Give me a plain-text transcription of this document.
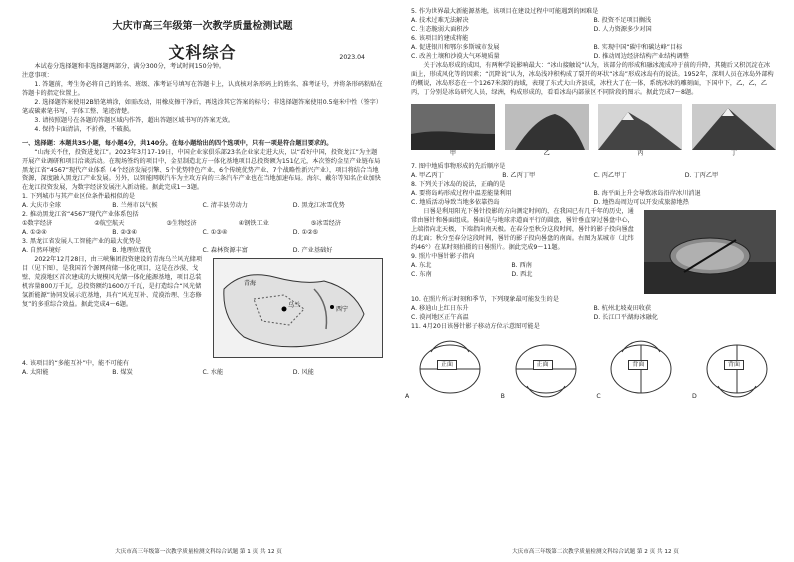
大庆市高三年级第一次教学质量检测试题
文科综合	2023.04

本试卷分选择题和非选择题两部分，满分300分，考试时间150分钟。

注意事项：

1. 答题前，考生务必将自己的姓名、班级、准考证号填写在答题卡上，认真核对条形码上的姓名、准考证号，并将条形码粘贴在答题卡的指定位置上。

2. 选择题答案使用2B铅笔填涂，如需改动，用橡皮擦干净后，再选涂其它答案的标号；非选择题答案使用0.5毫米中性（签字）笔或碳素笔书写，字体工整、笔迹清楚。

3. 请按照题号在各题的答题区域内作答，超出答题区域书写的答案无效。

4. 保持卡面清洁，不折叠，不破损。

一、选择题：本题共35小题，每小题4分，共140分。在每小题给出的四个选项中，只有一项是符合题目要求的。

“山海关不住，投资进龙江”。2023年3月17-19日，中国企业家俱乐部23名企业家走进大庆，以“看好中国，投资龙江”为主题开展产业调研和项目洽谈活动。在现场签约的项目中，金星制造北方一体化基地项目总投资额为151亿元，本次签约金星产业链布局黑龙江省“4567”现代产业体系（4个经济发展引擎、5个优势特色产业、6个传统优势产业、7个战略性新兴产业），项目将结合当地资源，深度融入黑龙江产业发展。另外，以智能网联汽车为主攻方向的三条汽车产业也在当地加速布局。海尔、戴尔等知名企业加快在龙江投资发展，为数字经济发展注入新动能。据此完成1～3题。

1. 下列城市与其产业区位条件最相似的是

A. 大庆市全球	B. 兰州市以气候	C. 清丰县劳动力	D. 黑龙江冰雪优势

2. 推动黑龙江省“4567”现代产业体系包括

①数字经济	②航空航天	③生物经济	④钢铁工业	⑤冰雪经济
A. ①②④	B. ②③④	C. ①③④	D. ①②⑤

3. 黑龙江省发展人工智能产业的最大优势是

A. 自然环境好	B. 地理位置优	C. 森林资源丰富	D. 产业基础好
乌兰
青海
西宁

2022年12月28日，由三峡集团投资建设的青海乌兰风光储项目（见下图），是我国首个源网荷储一体化项目，这是在沙漠、戈壁、荒漠地区首次建成的大规模风光储一体化能源基地，项目总装机容量800万千瓦，总投资额约1600万千瓦，是打造综合“风光储氢新能源”协同发展示范基地，具有“风光互补、荒漠治理、生态修复”的多重综合效益。据此完成4～6题。

4. 该项目的“多能互补”中，能不可能有

A. 太阳能	B. 煤炭	C. 水能	D. 风能
大庆市高三年级第一次教学质量检测文科综合试题 第 1 页 共 12 页

5. 作为世界最大新能源基地，该项目在建设过程中可能遇到的困难是

A. 技术过难无法解决	B. 投资不足项目搁浅
C. 生态脆弱大面积沙	D. 人力资源多少对国

6. 该项目的建成将能

A. 促进银川和鄂尔多斯城市发展	B. 实现中国“碳中和碳达峰”目标
C. 改善土壤和沙漠大气环境质量	D. 推动周边经济结构产业结构调整

关于冰岛形成的成因，有两种学说影响最大：“冰山接触说”认为，该部分的形成和融冰流成冲于前的升降，其随后又积沉淀在冰面上，形成风化等的因素；“沉降说”认为，冰岛浅冲积构成了裂开的环状“冰岛”形成冰岛有的说法。1952年，深圳人员在冰岛外部构的概说，冰岛形态在一个1267米深的海域，表现了东式大山齐县成，冰柱大了在一体，系统冰冰的雕刻面，下国中下，乙，乙，乙丙，丁分别是冰岛研究人员，绿洲，构成形成的，看看冰岛内部景区不同阶段的图示。据此完成7～8题。

甲	乙	丙	丁

7. 图中地质事物形成的先后顺序是

A. 甲乙丙丁	B. 乙丙丁甲	C. 丙乙甲丁	D. 丁丙乙甲

8. 下列关于冰岛的说法，正确的是

A. 要将岛屿形成过程中温差能量利用	B. 海平面上升会导致冰岛沿岸冰川消退
C. 地质活动导致当地多依靠热岛	D. 地热岛周边可以开发成旅游地热

日晷是利用阳光下晷针投影的方向测定时间的，在我国已有几千年的历史，通常由晷针和晷面组成。晷面是与地球赤道面平行的圆盘，晷针垂直穿过晷盘中心，上端指向北天极，下端指向南天极。在春分至秋分这段时间，晷针的影子投向晷盘的北面；秋分至春分这段时间，晷针的影子投向晷盘的南面。右图为某城市（北纬约46°）在某时刻拍摄的日晷照片。据此完成9～11题。

9. 照片中晷针影子指向

A. 东北	B. 西南
C. 东南	D. 西北

10. 在照片所示时刻和季节，下列现象最可能发生的是

A. 移迪山上红日东升	B. 杭州北坡麦田收获
C. 漠河地区正午高温	D. 长江口平湖海冰融化

11. 4月20日该晷针影子移动方位示意图可能是

正面
A
正面
B
背面
C
背面
D
大庆市高三年级第二次教学质量检测文科综合试题 第 2 页 共 12 页
